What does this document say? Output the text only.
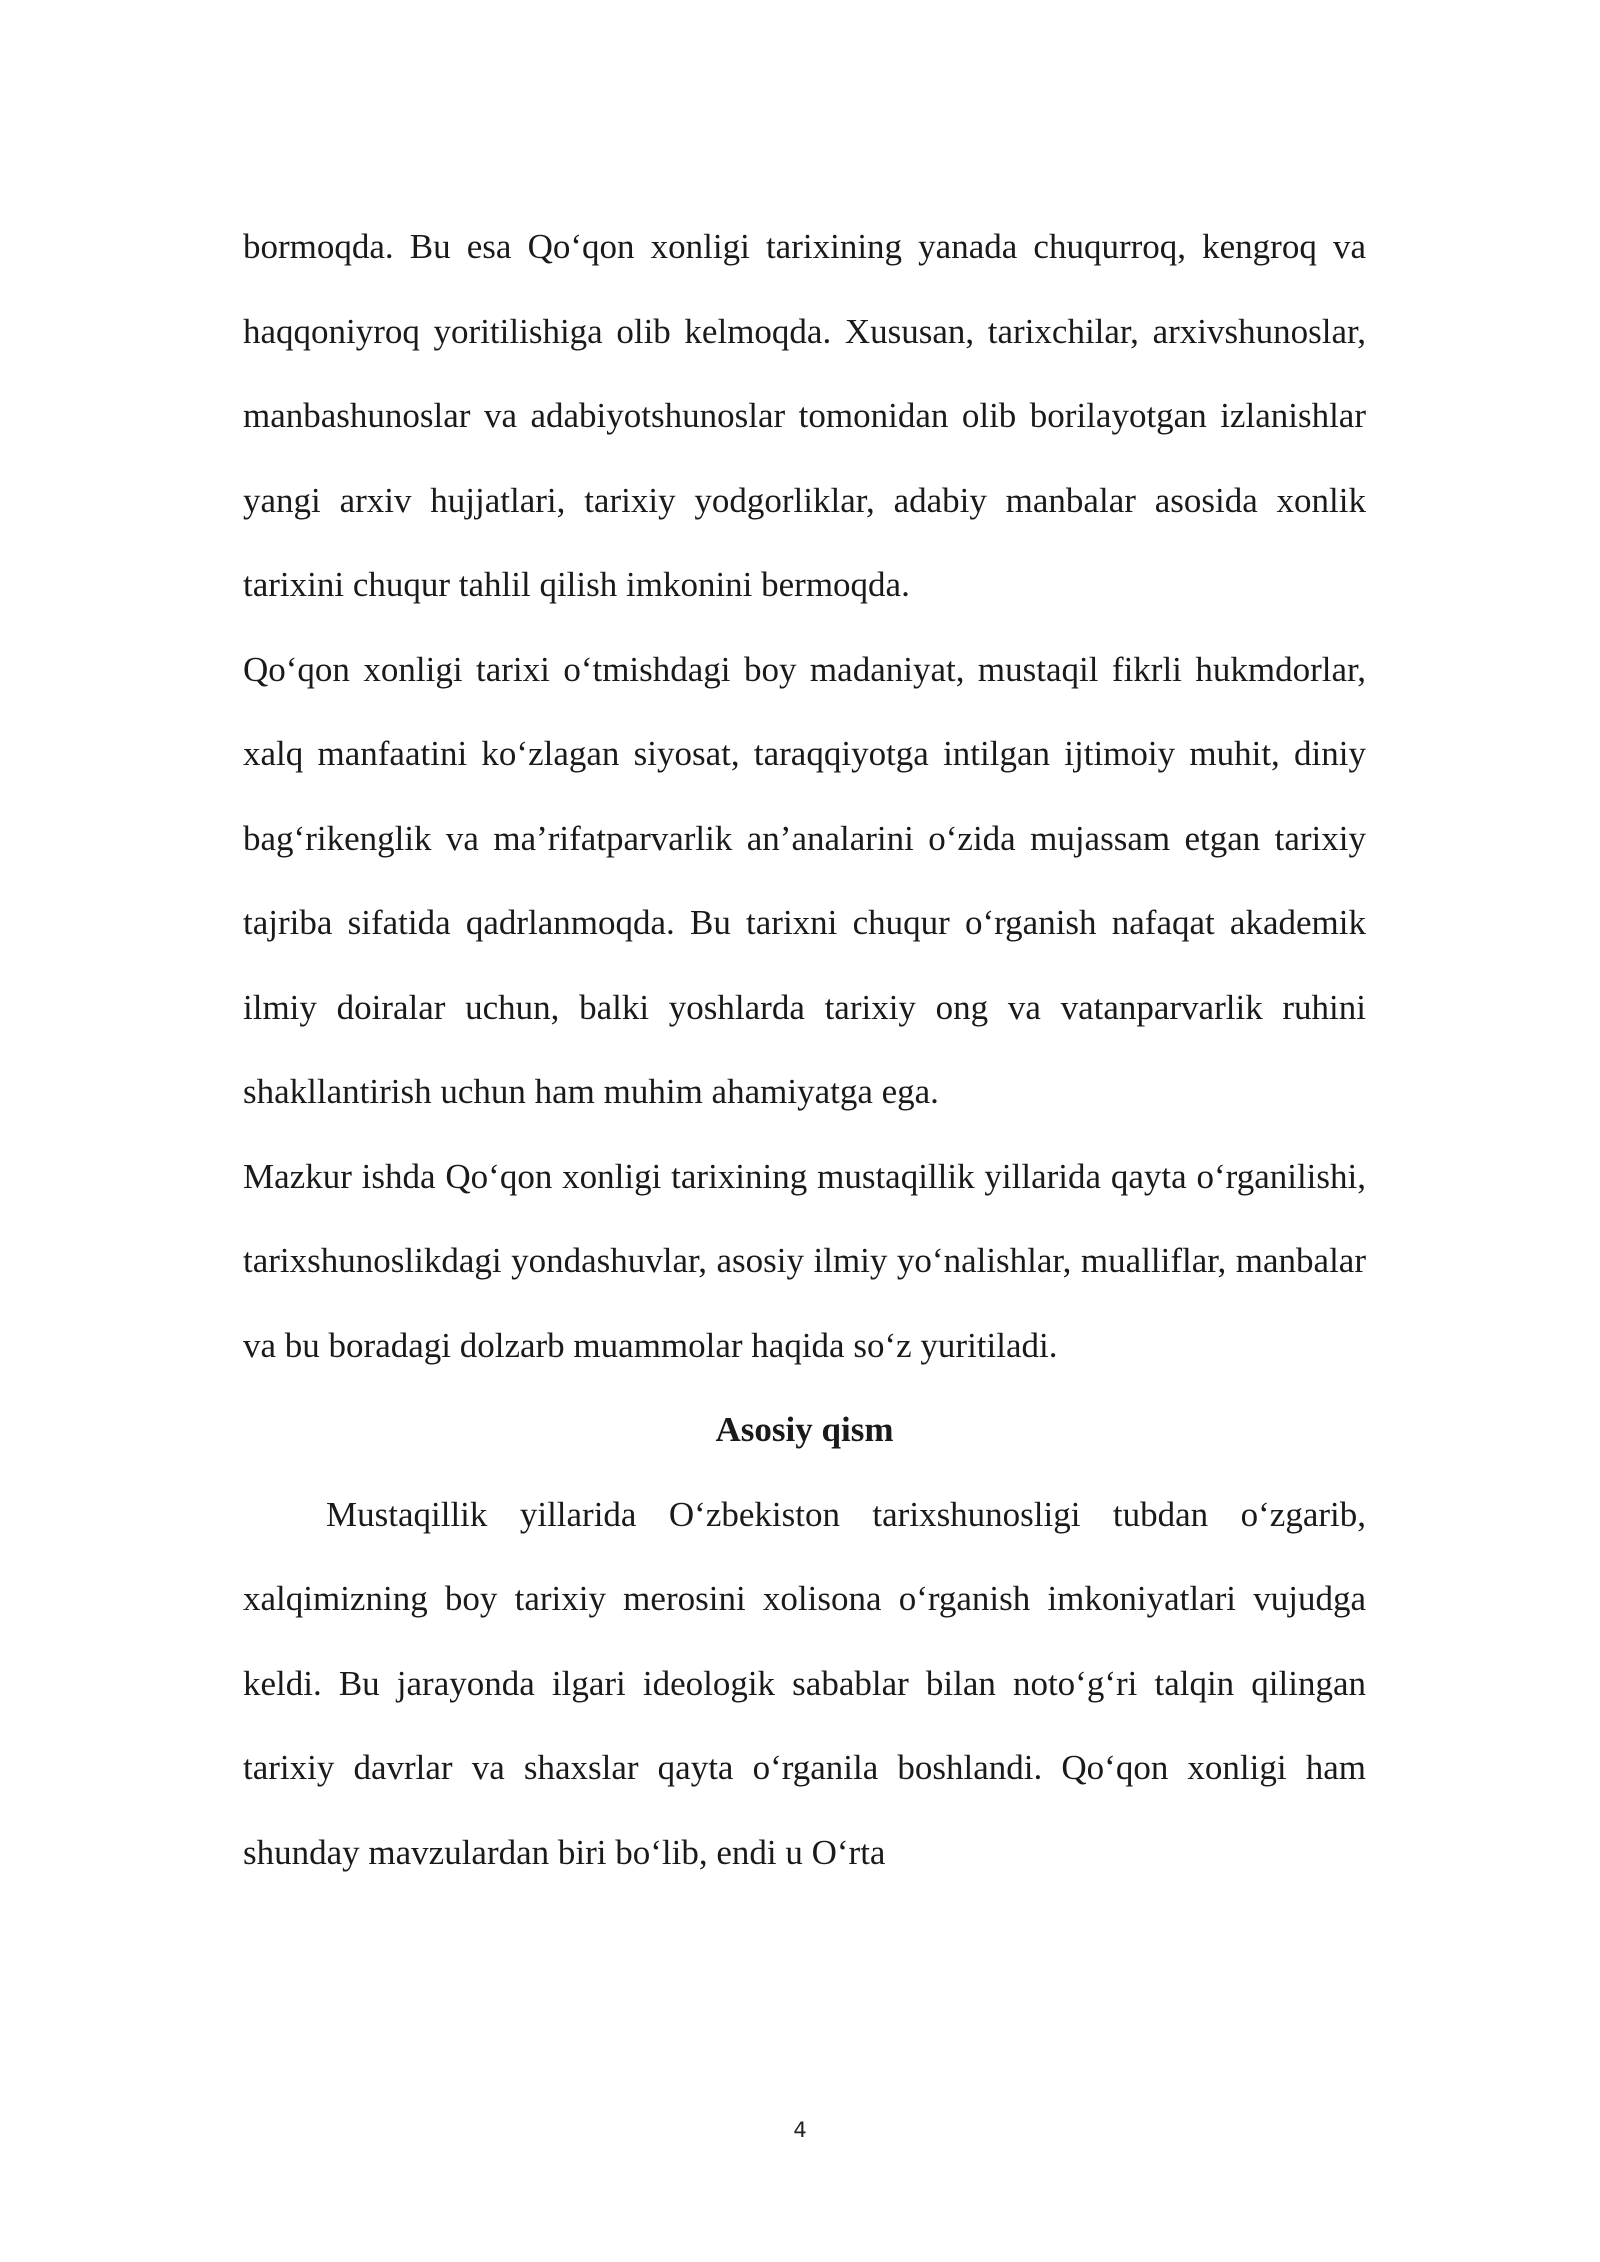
bormoqda. Bu esa Qo‘qon xonligi tarixining yanada chuqurroq, kengroq va haqqoniyroq yoritilishiga olib kelmoqda. Xususan, tarixchilar, arxivshunoslar, manbashunoslar va adabiyotshunoslar tomonidan olib borilayotgan izlanishlar yangi arxiv hujjatlari, tarixiy yodgorliklar, adabiy manbalar asosida xonlik tarixini chuqur tahlil qilish imkonini bermoqda.

Qo‘qon xonligi tarixi o‘tmishdagi boy madaniyat, mustaqil fikrli hukmdorlar, xalq manfaatini ko‘zlagan siyosat, taraqqiyotga intilgan ijtimoiy muhit, diniy bag‘rikenglik va ma’rifatparvarlik an’analarini o‘zida mujassam etgan tarixiy tajriba sifatida qadrlanmoqda. Bu tarixni chuqur o‘rganish nafaqat akademik ilmiy doiralar uchun, balki yoshlarda tarixiy ong va vatanparvarlik ruhini shakllantirish uchun ham muhim ahamiyatga ega.

Mazkur ishda Qo‘qon xonligi tarixining mustaqillik yillarida qayta o‘rganilishi, tarixshunoslikdagi yondashuvlar, asosiy ilmiy yo‘nalishlar, mualliflar, manbalar va bu boradagi dolzarb muammolar haqida so‘z yuritiladi.

Asosiy qism

Mustaqillik yillarida O‘zbekiston tarixshunosligi tubdan o‘zgarib, xalqimizning boy tarixiy merosini xolisona o‘rganish imkoniyatlari vujudga keldi. Bu jarayonda ilgari ideologik sabablar bilan noto‘g‘ri talqin qilingan tarixiy davrlar va shaxslar qayta o‘rganila boshlandi. Qo‘qon xonligi ham shunday mavzulardan biri bo‘lib, endi u O‘rta

4
